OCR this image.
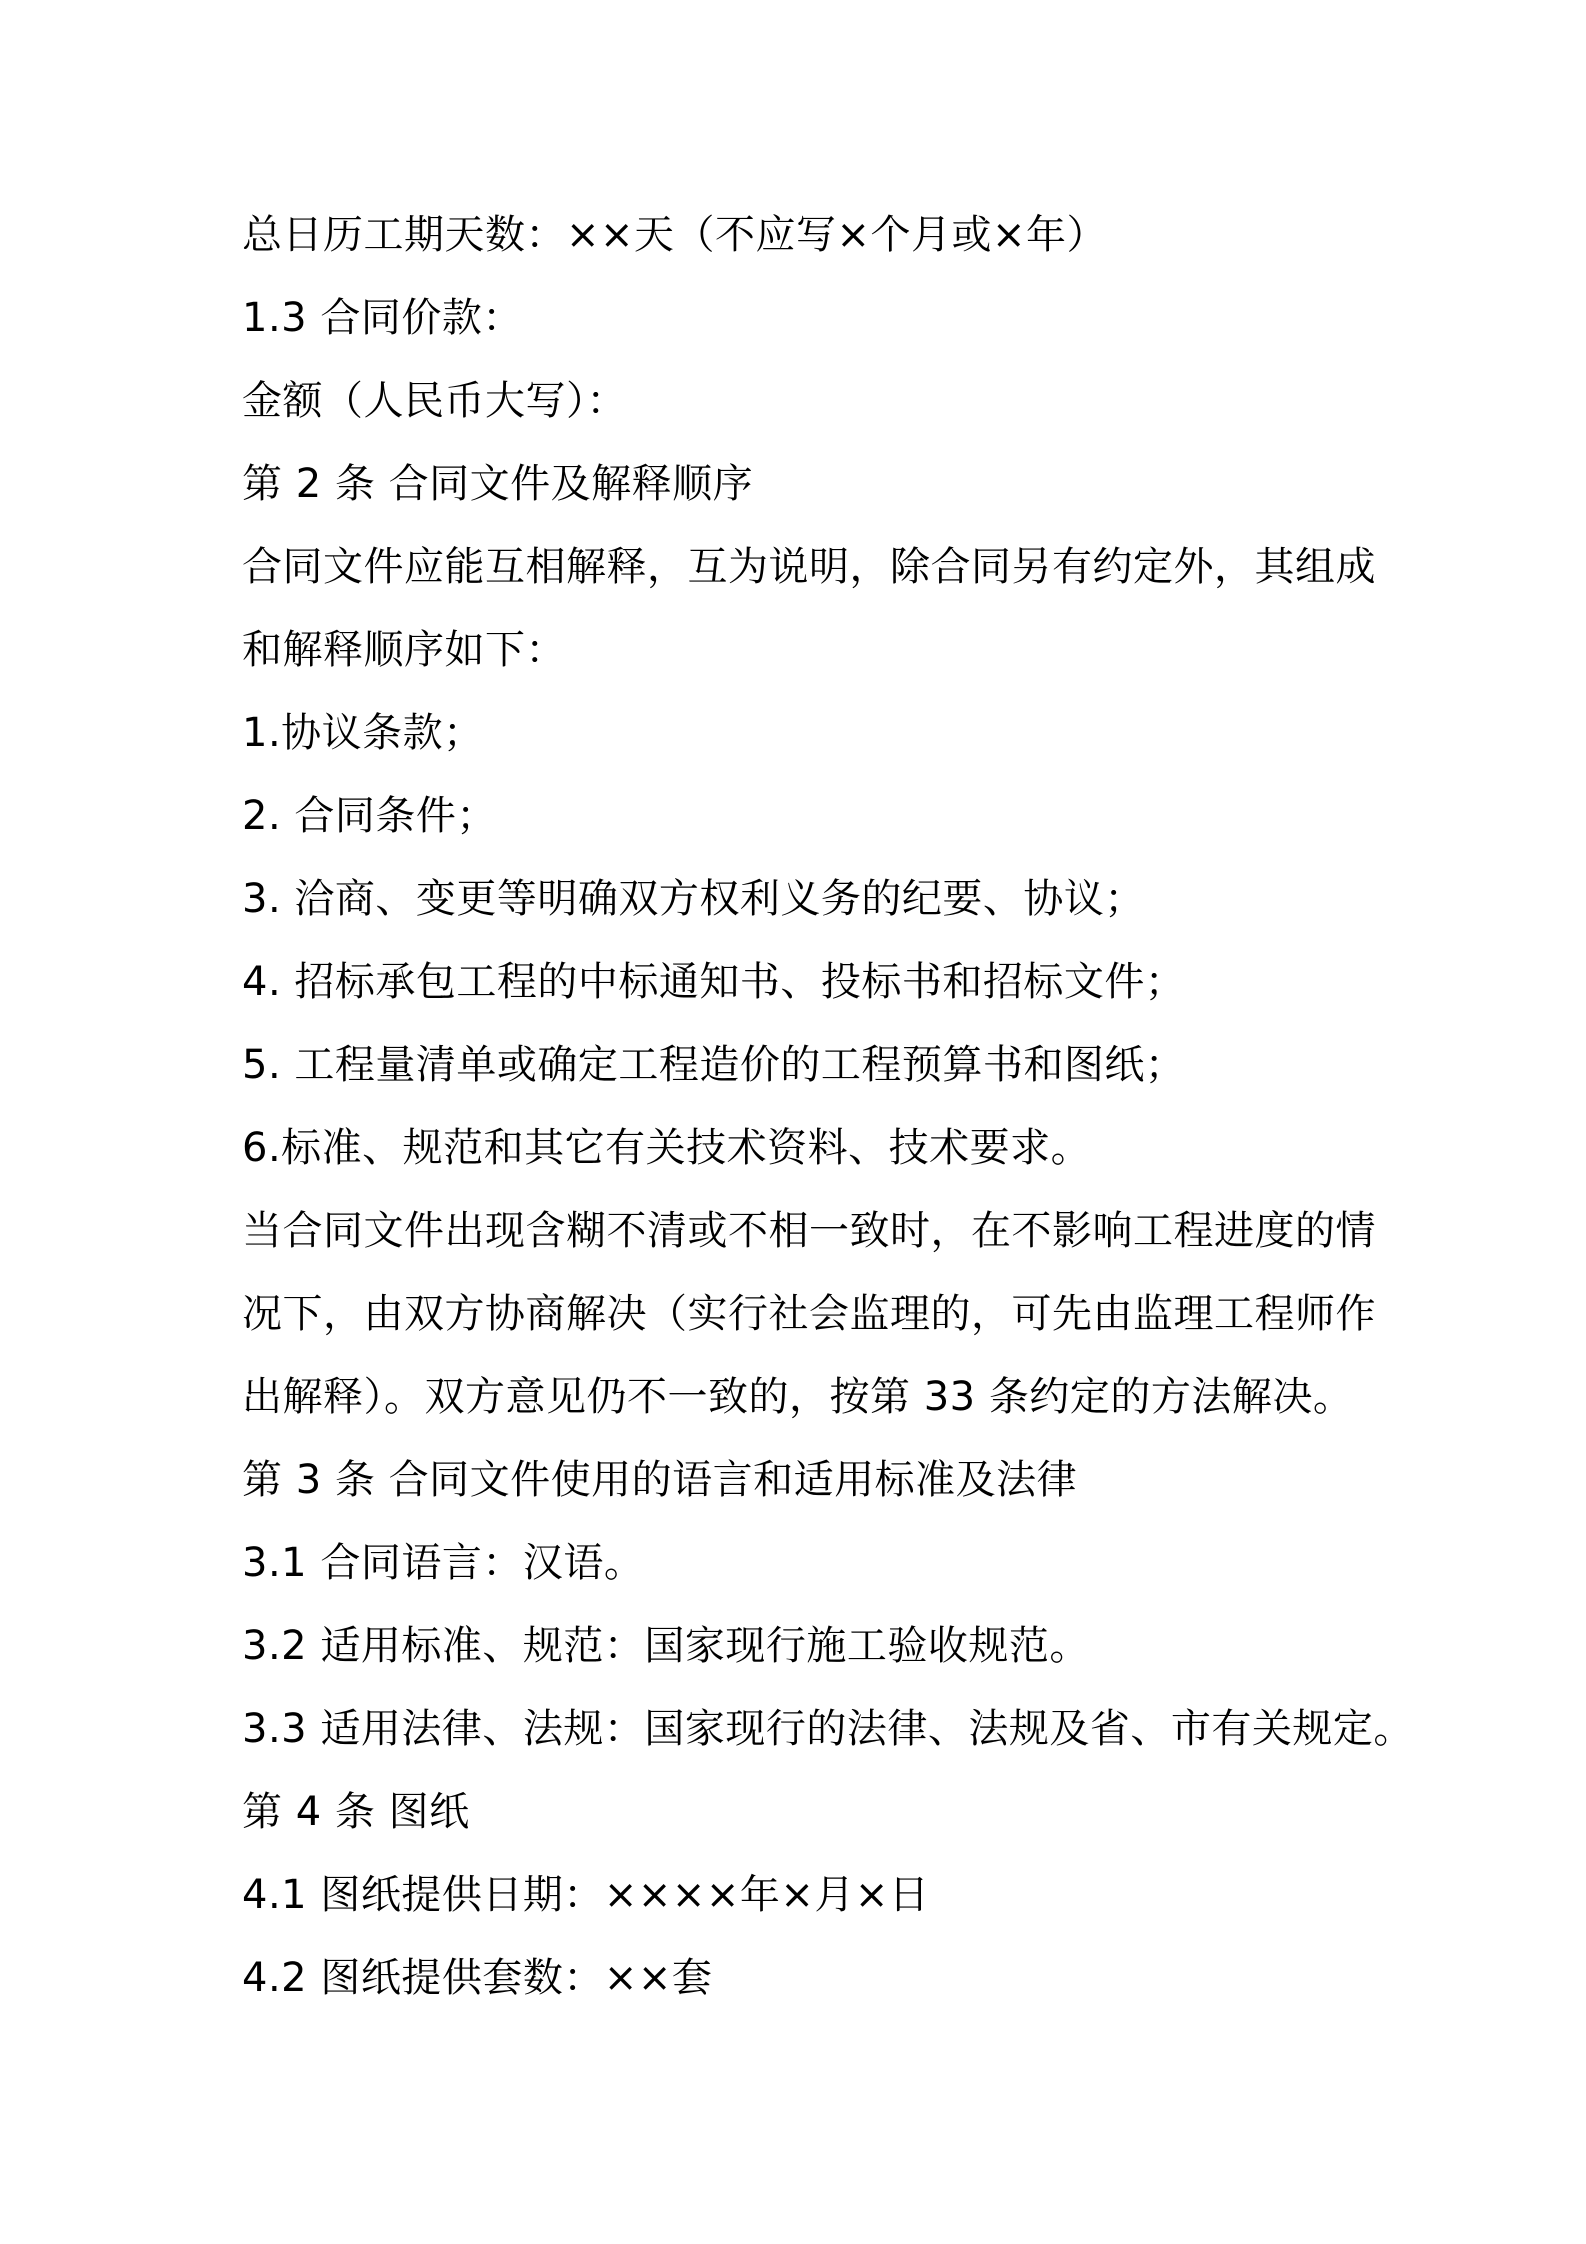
总日历工期天数：××天（不应写×个月或×年）
1.3 合同价款：
金额（人民币大写）：
第 2 条 合同文件及解释顺序
合同文件应能互相解释，互为说明，除合同另有约定外，其组成
和解释顺序如下：
1.协议条款；
2. 合同条件；
3. 洽商、变更等明确双方权利义务的纪要、协议；
4. 招标承包工程的中标通知书、投标书和招标文件；
5. 工程量清单或确定工程造价的工程预算书和图纸；
6.标准、规范和其它有关技术资料、技术要求。
当合同文件出现含糊不清或不相一致时，在不影响工程进度的情
况下，由双方协商解决（实行社会监理的，可先由监理工程师作
出解释）。双方意见仍不一致的，按第 33 条约定的方法解决。
第 3 条 合同文件使用的语言和适用标准及法律
3.1 合同语言：汉语。
3.2 适用标准、规范：国家现行施工验收规范。
3.3 适用法律、法规：国家现行的法律、法规及省、市有关规定。
第 4 条 图纸
4.1 图纸提供日期：××××年×月×日
4.2 图纸提供套数：××套
